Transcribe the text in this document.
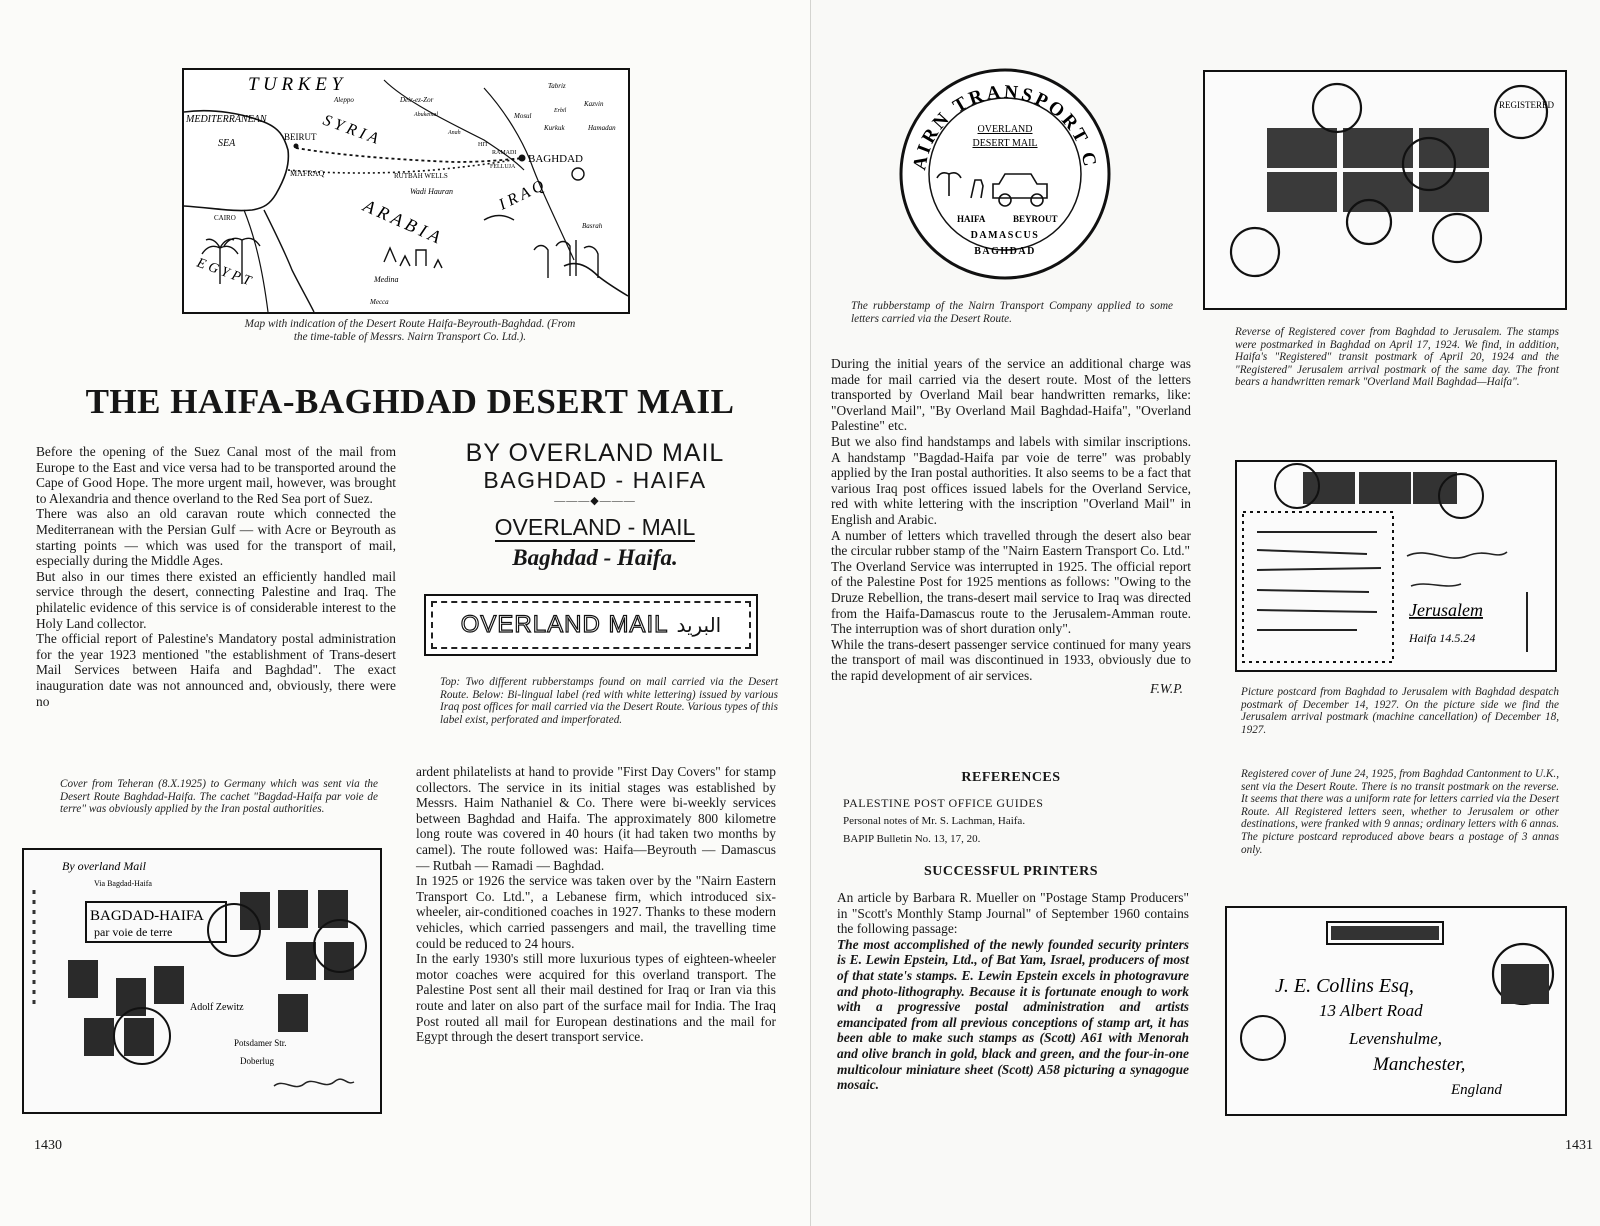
T U R K E Y
MEDITERRANEAN
SEA	S Y R I A
BEIRUT
BAGHDAD
I R A Q
A R A B I A
E G Y P T
MAFRAQ	RUTBAH WELLS
Wadi Hauran
Medina
Mecca
CAIRO
Basrah
Tabriz
Kazvin
Hamadan
Mosul
Kurkuk
Aleppo	Deir-ez-Zor
RAMADI
HIT
Anah
FELLUJA
Abukemal
Erbil

Map with indication of the Desert Route Haifa-Beyrouth-Baghdad. (From the time-table of Messrs. Nairn Transport Co. Ltd.).

THE HAIFA-BAGHDAD DESERT MAIL

Before the opening of the Suez Canal most of the mail from Europe to the East and vice versa had to be transported around the Cape of Good Hope. The more urgent mail, however, was brought to Alexandria and thence overland to the Red Sea port of Suez.

There was also an old caravan route which connected the Mediterranean with the Persian Gulf — with Acre or Beyrouth as starting points — which was used for the transport of mail, especially during the Middle Ages.

But also in our times there existed an efficiently handled mail service through the desert, connecting Palestine and Iraq. The philatelic evidence of this service is of considerable interest to the Holy Land collector.

The official report of Palestine's Mandatory postal administration for the year 1923 mentioned "the establishment of Trans-desert Mail Services between Haifa and Baghdad". The exact inauguration date was not announced and, obviously, there were no

Cover from Teheran (8.X.1925) to Germany which was sent via the Desert Route Baghdad-Haifa. The cachet "Bagdad-Haifa par voie de terre" was obviously applied by the Iran postal authorities.

By overland Mail
Via Bagdad-Haifa
BAGDAD-HAIFA
par voie de terre
Adolf Zewitz
Potsdamer Str.
Doberlug
BY OVERLAND MAIL
BAGHDAD - HAIFA
———◆———
OVERLAND - MAIL
Baghdad - Haifa.
OVERLAND MAIL البريد

Top: Two different rubberstamps found on mail carried via the Desert Route. Below: Bi-lingual label (red with white lettering) issued by various Iraq post offices for mail carried via the Desert Route. Various types of this label exist, perforated and imperforated.

ardent philatelists at hand to provide "First Day Covers" for stamp collectors. The service in its initial stages was established by Messrs. Haim Nathaniel & Co. There were bi-weekly services between Baghdad and Haifa. The approximately 800 kilometre long route was covered in 40 hours (it had taken two months by camel). The route followed was: Haifa—Beyrouth — Damascus — Rutbah — Ramadi — Baghdad.

In 1925 or 1926 the service was taken over by the "Nairn Eastern Transport Co. Ltd.", a Lebanese firm, which introduced six-wheeler, air-conditioned coaches in 1927. Thanks to these modern vehicles, which carried passengers and mail, the travelling time could be reduced to 24 hours.

In the early 1930's still more luxurious types of eighteen-wheeler motor coaches were acquired for this overland transport. The Palestine Post sent all their mail destined for Iraq or Iran via this route and later on also part of the surface mail for India. The Iraq Post routed all mail for European destinations and the mail for Egypt through the desert transport service.

1430
AIRN TRANSPORT C
OVERLAND
DESERT MAIL
HAIFA	BEYROUT
DAMASCUS
BAGHDAD

The rubberstamp of the Nairn Transport Company applied to some letters carried via the Desert Route.

During the initial years of the service an additional charge was made for mail carried via the desert route. Most of the letters transported by Overland Mail bear handwritten remarks, like: "Overland Mail", "By Overland Mail Baghdad-Haifa", "Overland Palestine" etc.

But we also find handstamps and labels with similar inscriptions. A handstamp "Bagdad-Haifa par voie de terre" was probably applied by the Iran postal authorities. It also seems to be a fact that various Iraq post offices issued labels for the Overland Service, red with white lettering with the inscription "Overland Mail" in English and Arabic.

A number of letters which travelled through the desert also bear the circular rubber stamp of the "Nairn Eastern Transport Co. Ltd."

The Overland Service was interrupted in 1925. The official report of the Palestine Post for 1925 mentions as follows: "Owing to the Druze Rebellion, the trans-desert mail service to Iraq was directed from the Haifa-Damascus route to the Jerusalem-Amman route. The interruption was of short duration only".

While the trans-desert passenger service continued for many years the transport of mail was discontinued in 1933, obviously due to the rapid development of air services.

F.W.P.
REFERENCES
PALESTINE POST OFFICE GUIDES
Personal notes of Mr. S. Lachman, Haifa.
BAPIP Bulletin No. 13, 17, 20.
SUCCESSFUL PRINTERS

An article by Barbara R. Mueller on "Postage Stamp Producers" in "Scott's Monthly Stamp Journal" of September 1960 contains the following passage:

The most accomplished of the newly founded security printers is E. Lewin Epstein, Ltd., of Bat Yam, Israel, producers of most of that state's stamps. E. Lewin Epstein excels in photogravure and photo-lithography. Because it is fortunate enough to work with a progressive postal administration and artists emancipated from all previous conceptions of stamp art, it has been able to make such stamps as (Scott) A61 with Menorah and olive branch in gold, black and green, and the four-in-one multicolour miniature sheet (Scott) A58 picturing a synagogue mosaic.

REGISTERED

Reverse of Registered cover from Baghdad to Jerusalem. The stamps were postmarked in Baghdad on April 17, 1924. We find, in addition, Haifa's "Registered" transit postmark of April 20, 1924 and the "Registered" Jerusalem arrival postmark of the same day. The front bears a handwritten remark "Overland Mail Baghdad—Haifa".

Jerusalem
Haifa 14.5.24

Picture postcard from Baghdad to Jerusalem with Baghdad despatch postmark of December 14, 1927. On the picture side we find the Jerusalem arrival postmark (machine cancellation) of December 18, 1927.

Registered cover of June 24, 1925, from Baghdad Cantonment to U.K., sent via the Desert Route. There is no transit postmark on the reverse. It seems that there was a uniform rate for letters carried via the Desert Route. All Registered letters seen, whether to Jerusalem or other destinations, were franked with 9 annas; ordinary letters with 6 annas. The picture postcard reproduced above bears a postage of 3 annas only.

J. E. Collins Esq,
13 Albert Road
Levenshulme,
Manchester,
England
1431
